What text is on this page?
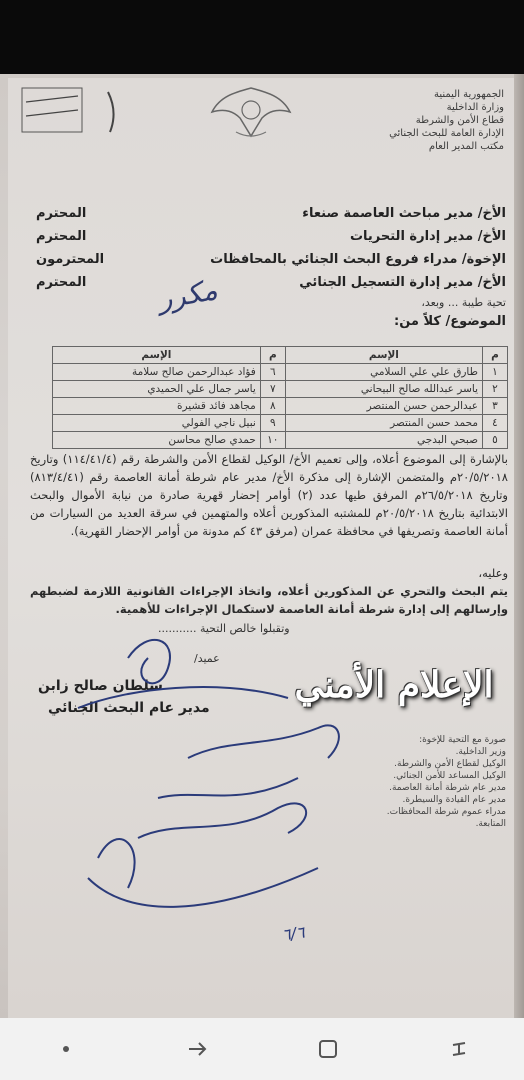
الجمهورية اليمنية
وزارة الداخلية
قطاع الأمن والشرطة
الإدارة العامة للبحث الجنائي
مكتب المدير العام
مكرر
الأخ/ مدير مباحث العاصمة صنعاء
المحترم
الأخ/ مدير إدارة التحريات
المحترم
الإخوة/ مدراء فروع البحث الجنائي بالمحافظات
المحترمون
الأخ/ مدير إدارة التسجيل الجنائي
المحترم
تحية طيبة ... وبعد،
الموضوع/ كلاً من:
م	الإسم	م	الإسم
١	طارق علي علي السلامي	٦	فؤاد عبدالرحمن صالح سلامة
٢	ياسر عبدالله صالح البيحاني	٧	ياسر جمال علي الحميدي
٣	عبدالرحمن حسن المنتصر	٨	مجاهد فائد قشيرة
٤	محمد حسن المنتصر	٩	نبيل ناجي الفولي
٥	صبحي البدجي	١٠	حمدي صالح محاسن
بالإشارة إلى الموضوع أعلاه، وإلى تعميم الأخ/ الوكيل لقطاع الأمن والشرطة رقم (١١٤/٤١/٤) وتاريخ ٢٠/٥/٢٠١٨م والمتضمن الإشارة إلى مذكرة الأخ/ مدير عام شرطة أمانة العاصمة رقم (٨١٣/٤/٤١) وتاريخ ٢٦/٥/٢٠١٨م المرفق طيها عدد (٢) أوامر إحضار قهرية صادرة من نيابة الأموال والبحث الابتدائية بتاريخ ٢٠/٥/٢٠١٨م للمشتبه المذكورين أعلاه والمتهمين في سرقة العديد من السيارات من أمانة العاصمة وتصريفها في محافظة عمران (مرفق ٤٣ كم مدونة من أوامر الإحضار القهرية).
وعليه،
يتم البحث والتحري عن المذكورين أعلاه، واتخاذ الإجراءات القانونية اللازمة لضبطهم وإرسالهم إلى إدارة شرطة أمانة العاصمة لاستكمال الإجراءات للأهمية.
وتقبلوا خالص التحية ...........
عميد/
سلطان صالح زابن
مدير عام البحث الجنائي
٦/٦
الإعلام الأمني
صورة مع التحية للإخوة:
وزير الداخلية.
الوكيل لقطاع الأمن والشرطة.
الوكيل المساعد للأمن الجنائي.
مدير عام شرطة أمانة العاصمة.
مدير عام القيادة والسيطرة.
مدراء عموم شرطة المحافظات.
المتابعة.
